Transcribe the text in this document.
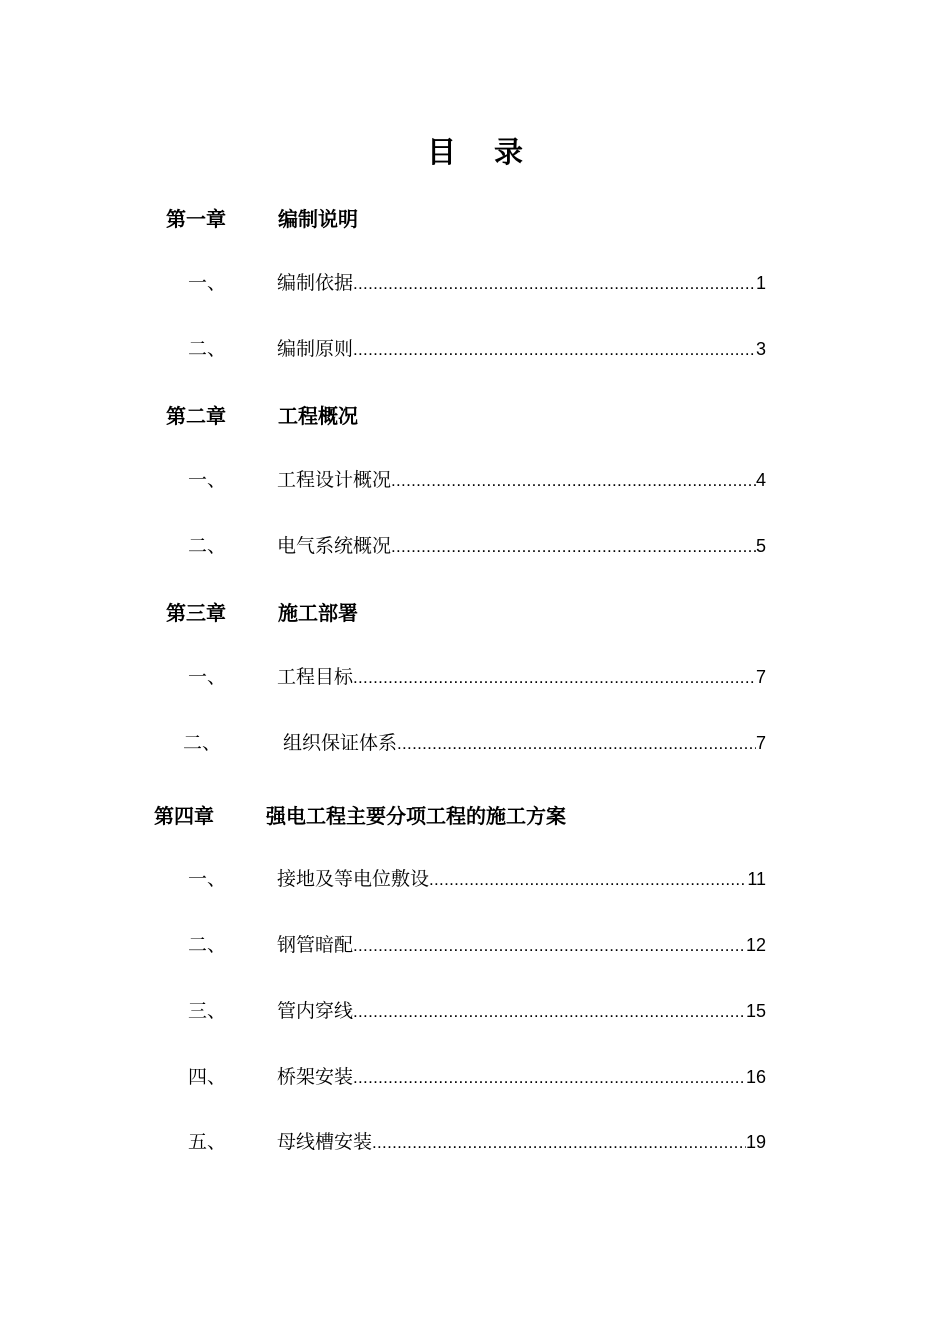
目 录
第一章	编制说明
一、	编制依据 .....	1
二、	编制原则 .....	3
第二章	工程概况
一、	工程设计概况 .....	4
二、	电气系统概况 .....	5
第三章	施工部署
一、	工程目标 .....	7
二、	组织保证体系 .....	7
第四章	强电工程主要分项工程的施工方案
一、	接地及等电位敷设 .....	11
二、	钢管暗配 .....	12
三、	管内穿线 .....	15
四、	桥架安装 .....	16
五、	母线槽安装 .....	19
